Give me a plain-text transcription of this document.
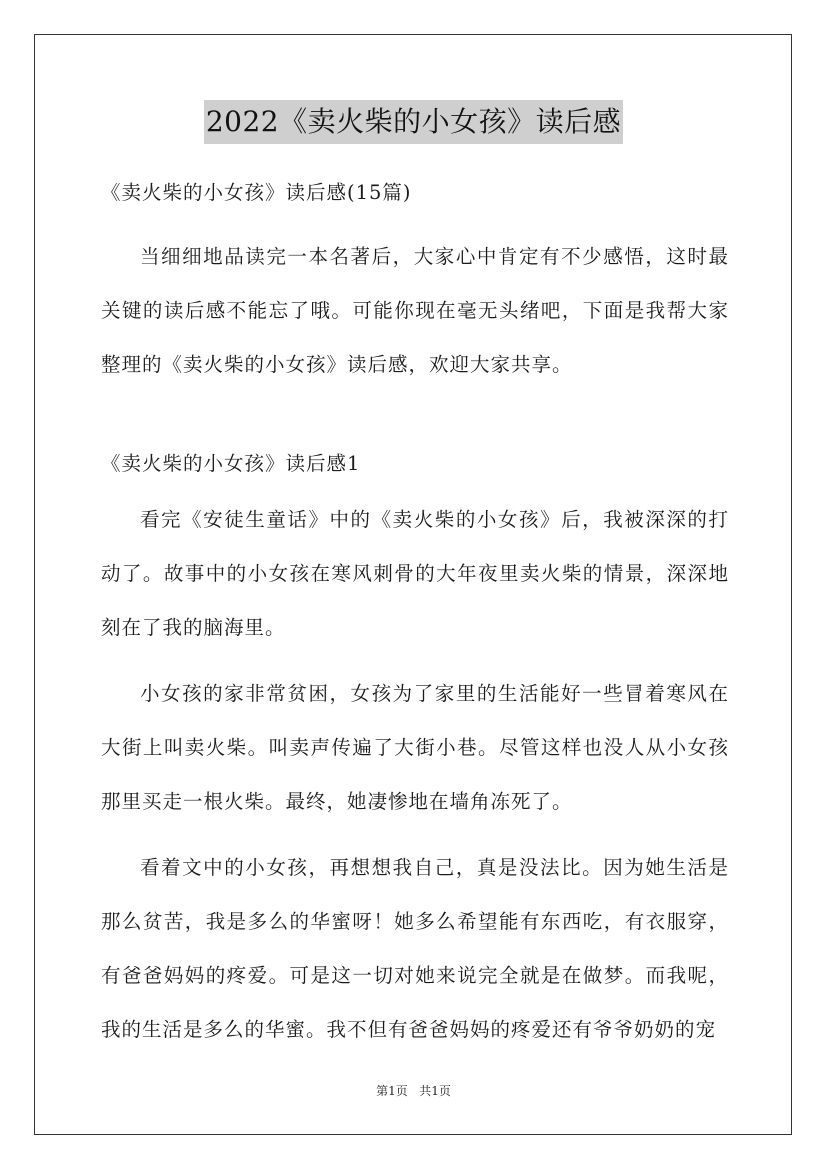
2022《卖火柴的小女孩》读后感
《卖火柴的小女孩》读后感(15篇)
当细细地品读完一本名著后，大家心中肯定有不少感悟，这时最关键的读后感不能忘了哦。可能你现在毫无头绪吧，下面是我帮大家整理的《卖火柴的小女孩》读后感，欢迎大家共享。
《卖火柴的小女孩》读后感1

看完《安徒生童话》中的《卖火柴的小女孩》后，我被深深的打动了。故事中的小女孩在寒风刺骨的大年夜里卖火柴的情景，深深地刻在了我的脑海里。

小女孩的家非常贫困，女孩为了家里的生活能好一些冒着寒风在大街上叫卖火柴。叫卖声传遍了大街小巷。尽管这样也没人从小女孩那里买走一根火柴。最终，她凄惨地在墙角冻死了。

看着文中的小女孩，再想想我自己，真是没法比。因为她生活是那么贫苦，我是多么的华蜜呀！她多么希望能有东西吃，有衣服穿，有爸爸妈妈的疼爱。可是这一切对她来说完全就是在做梦。而我呢，我的生活是多么的华蜜。我不但有爸爸妈妈的疼爱还有爷爷奶奶的宠

第1页 共1页
